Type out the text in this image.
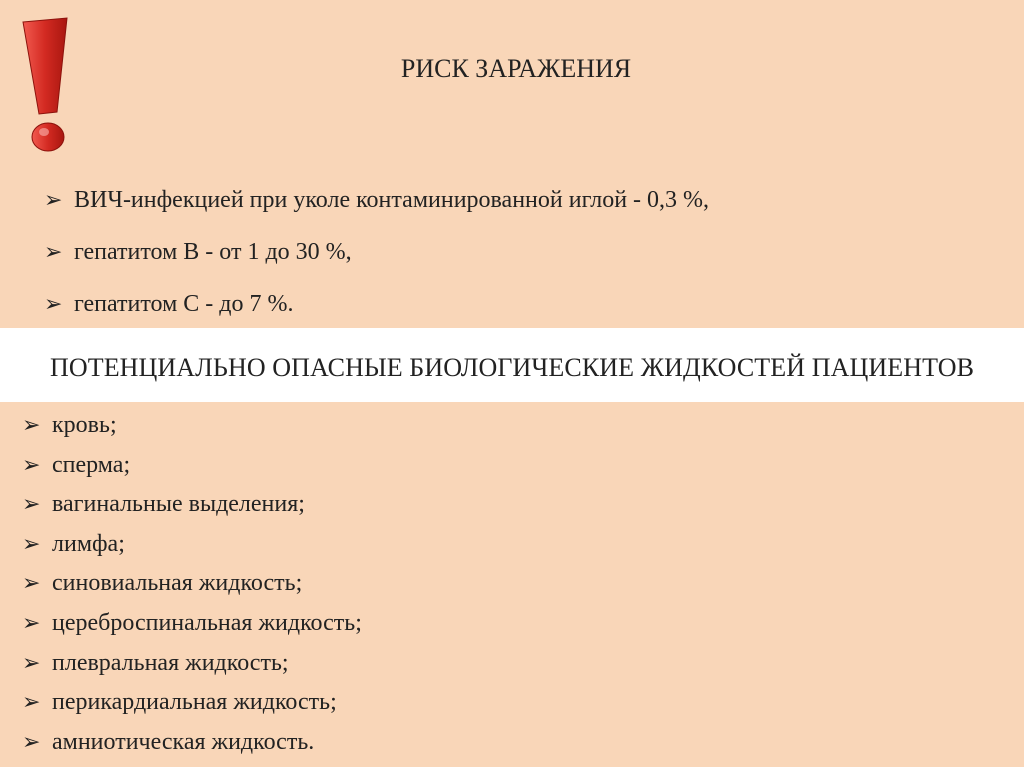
РИСК ЗАРАЖЕНИЯ
➢ ВИЧ-инфекцией при уколе контаминированной иглой - 0,3 %,
➢ гепатитом В - от 1 до 30 %,
➢ гепатитом С - до 7 %.
ПОТЕНЦИАЛЬНО ОПАСНЫЕ БИОЛОГИЧЕСКИЕ ЖИДКОСТЕЙ ПАЦИЕНТОВ
➢ кровь;
➢ сперма;
➢ вагинальные выделения;
➢ лимфа;
➢ синовиальная жидкость;
➢ цереброспинальная жидкость;
➢ плевральная жидкость;
➢ перикардиальная жидкость;
➢ амниотическая жидкость.
